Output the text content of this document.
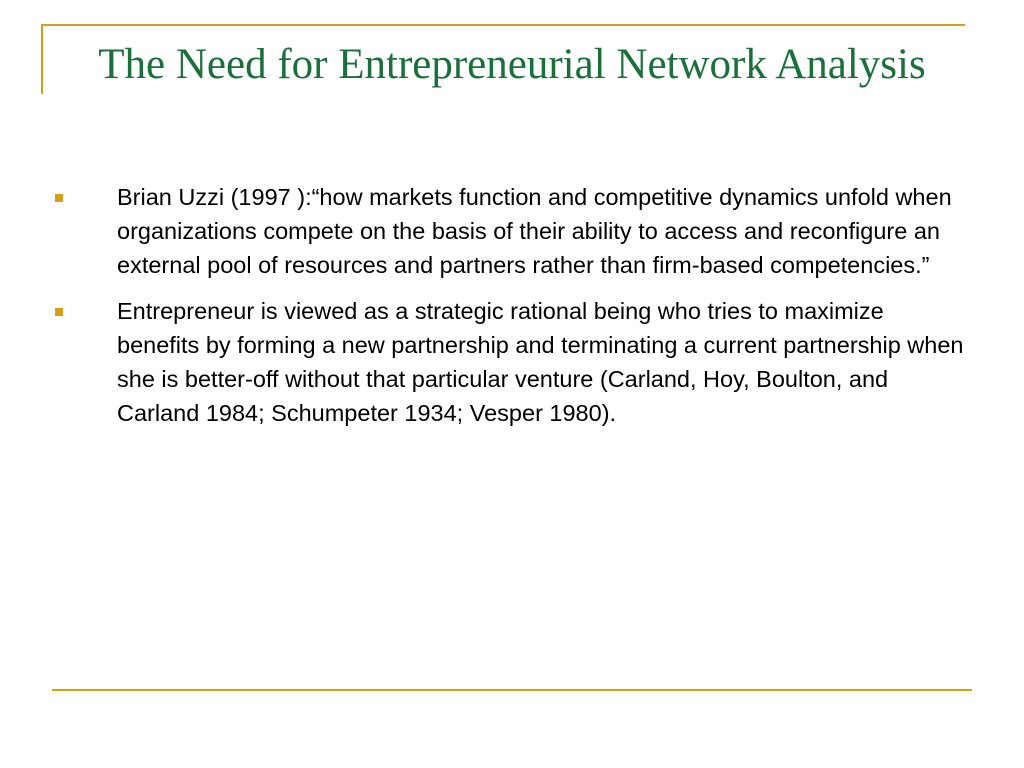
The Need for Entrepreneurial Network Analysis
Brian Uzzi (1997 ):“how markets function and competitive dynamics unfold when organizations compete on the basis of their ability to access and reconfigure an external pool of resources and partners rather than firm-based competencies.”
Entrepreneur is viewed as a strategic rational being who tries to maximize benefits by forming a new partnership and terminating a current partnership when she is better-off without that particular venture (Carland, Hoy, Boulton, and Carland 1984; Schumpeter 1934; Vesper 1980).
